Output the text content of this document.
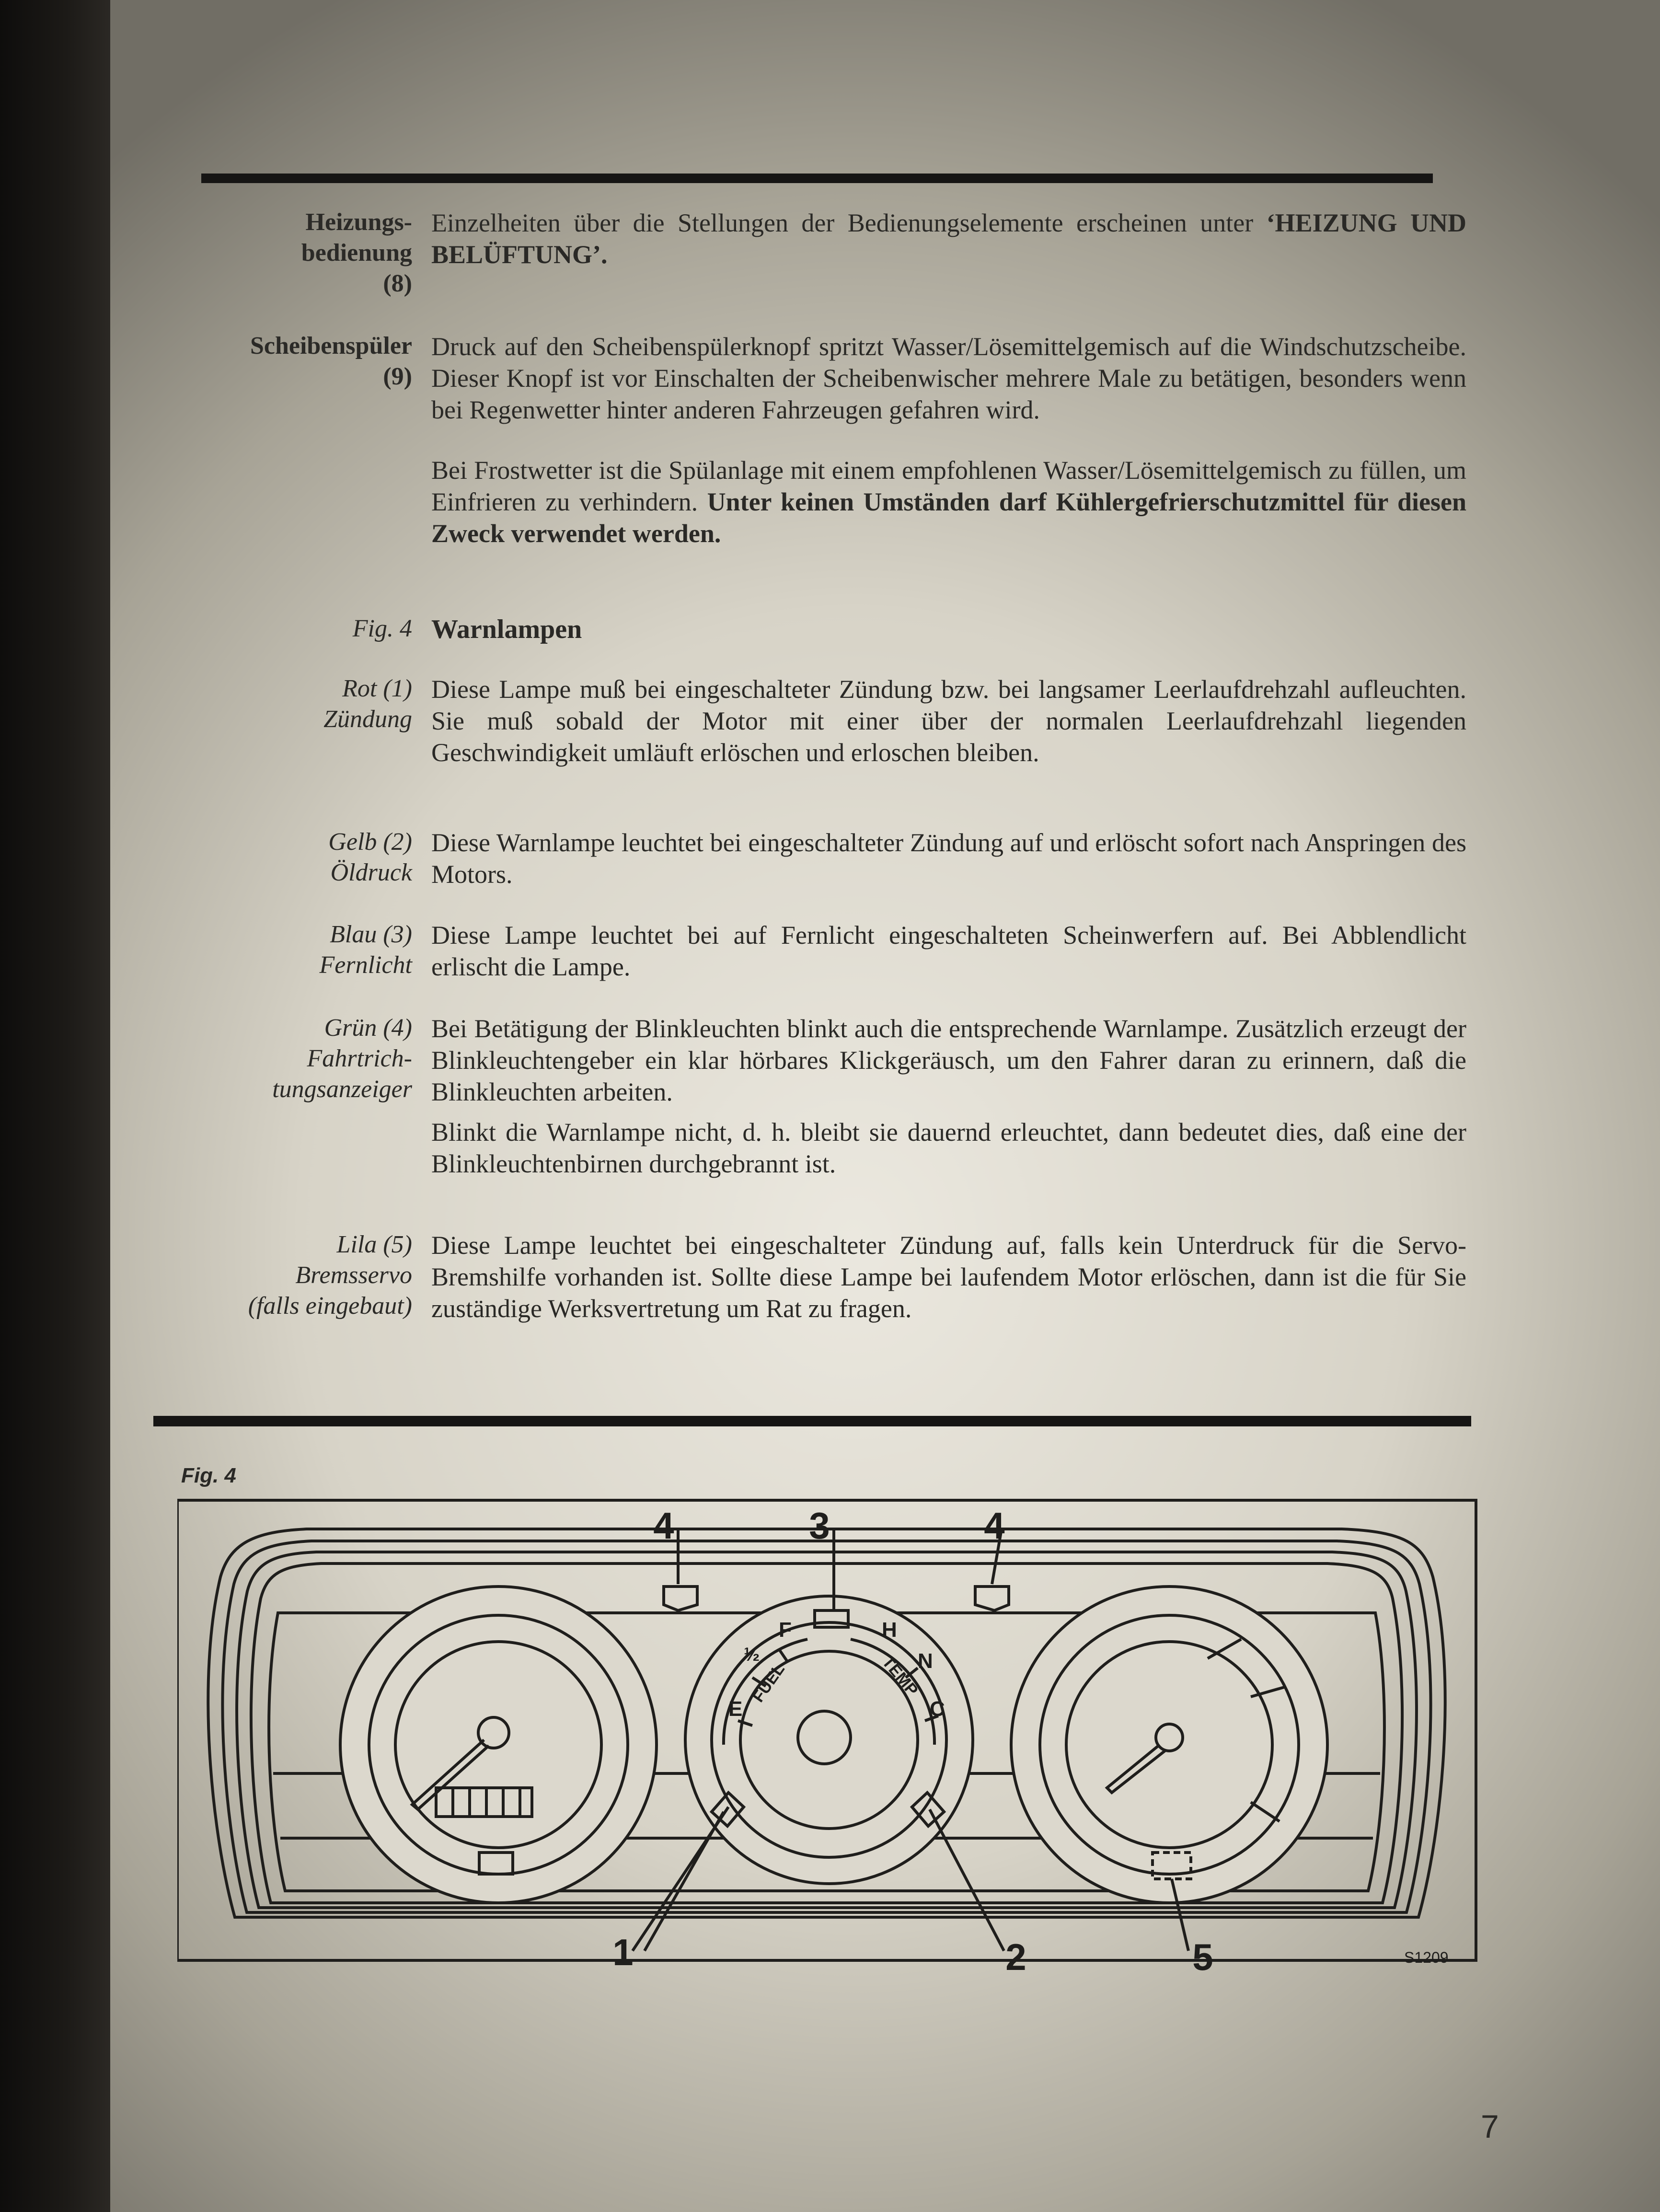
Heizungs-
bedienung
(8)

Einzelheiten über die Stellungen der Bedienungselemente erscheinen unter ‘HEIZUNG UND BELÜFTUNG’.

Scheibenspüler
(9)

Druck auf den Scheibenspülerknopf spritzt Wasser/Lösemittelgemisch auf die Windschutzscheibe. Dieser Knopf ist vor Einschalten der Scheibenwischer mehrere Male zu betätigen, besonders wenn bei Regenwetter hinter anderen Fahrzeugen gefahren wird.

Bei Frostwetter ist die Spülanlage mit einem empfohlenen Wasser/Lösemittelgemisch zu füllen, um Einfrieren zu verhindern. Unter keinen Umständen darf Kühlergefrierschutzmittel für diesen Zweck verwendet werden.

Fig. 4 Warnlampen
Rot (1)
Zündung

Diese Lampe muß bei eingeschalteter Zündung bzw. bei langsamer Leerlaufdrehzahl aufleuchten. Sie muß sobald der Motor mit einer über der normalen Leerlaufdrehzahl liegenden Geschwindigkeit umläuft erlöschen und erloschen bleiben.

Gelb (2)
Öldruck

Diese Warnlampe leuchtet bei eingeschalteter Zündung auf und erlöscht sofort nach Anspringen des Motors.

Blau (3)
Fernlicht

Diese Lampe leuchtet bei auf Fernlicht eingeschalteten Scheinwerfern auf. Bei Abblendlicht erlischt die Lampe.

Grün (4)
Fahrtrich-
tungsanzeiger

Bei Betätigung der Blinkleuchten blinkt auch die entsprechende Warnlampe. Zusätzlich erzeugt der Blinkleuchtengeber ein klar hörbares Klickgeräusch, um den Fahrer daran zu erinnern, daß die Blinkleuchten arbeiten.

Blinkt die Warnlampe nicht, d. h. bleibt sie dauernd erleuchtet, dann bedeutet dies, daß eine der Blinkleuchtenbirnen durchgebrannt ist.

Lila (5)
Bremsservo
(falls eingebaut)

Diese Lampe leuchtet bei eingeschalteter Zündung auf, falls kein Unterdruck für die Servo-Bremshilfe vorhanden ist. Sollte diese Lampe bei laufendem Motor erlöschen, dann ist die für Sie zuständige Werksvertretung um Rat zu fragen.

Fig. 4
4	3	4
1	2	5
E
½
F
FUEL
H
N
C
TEMP
S1209
7
